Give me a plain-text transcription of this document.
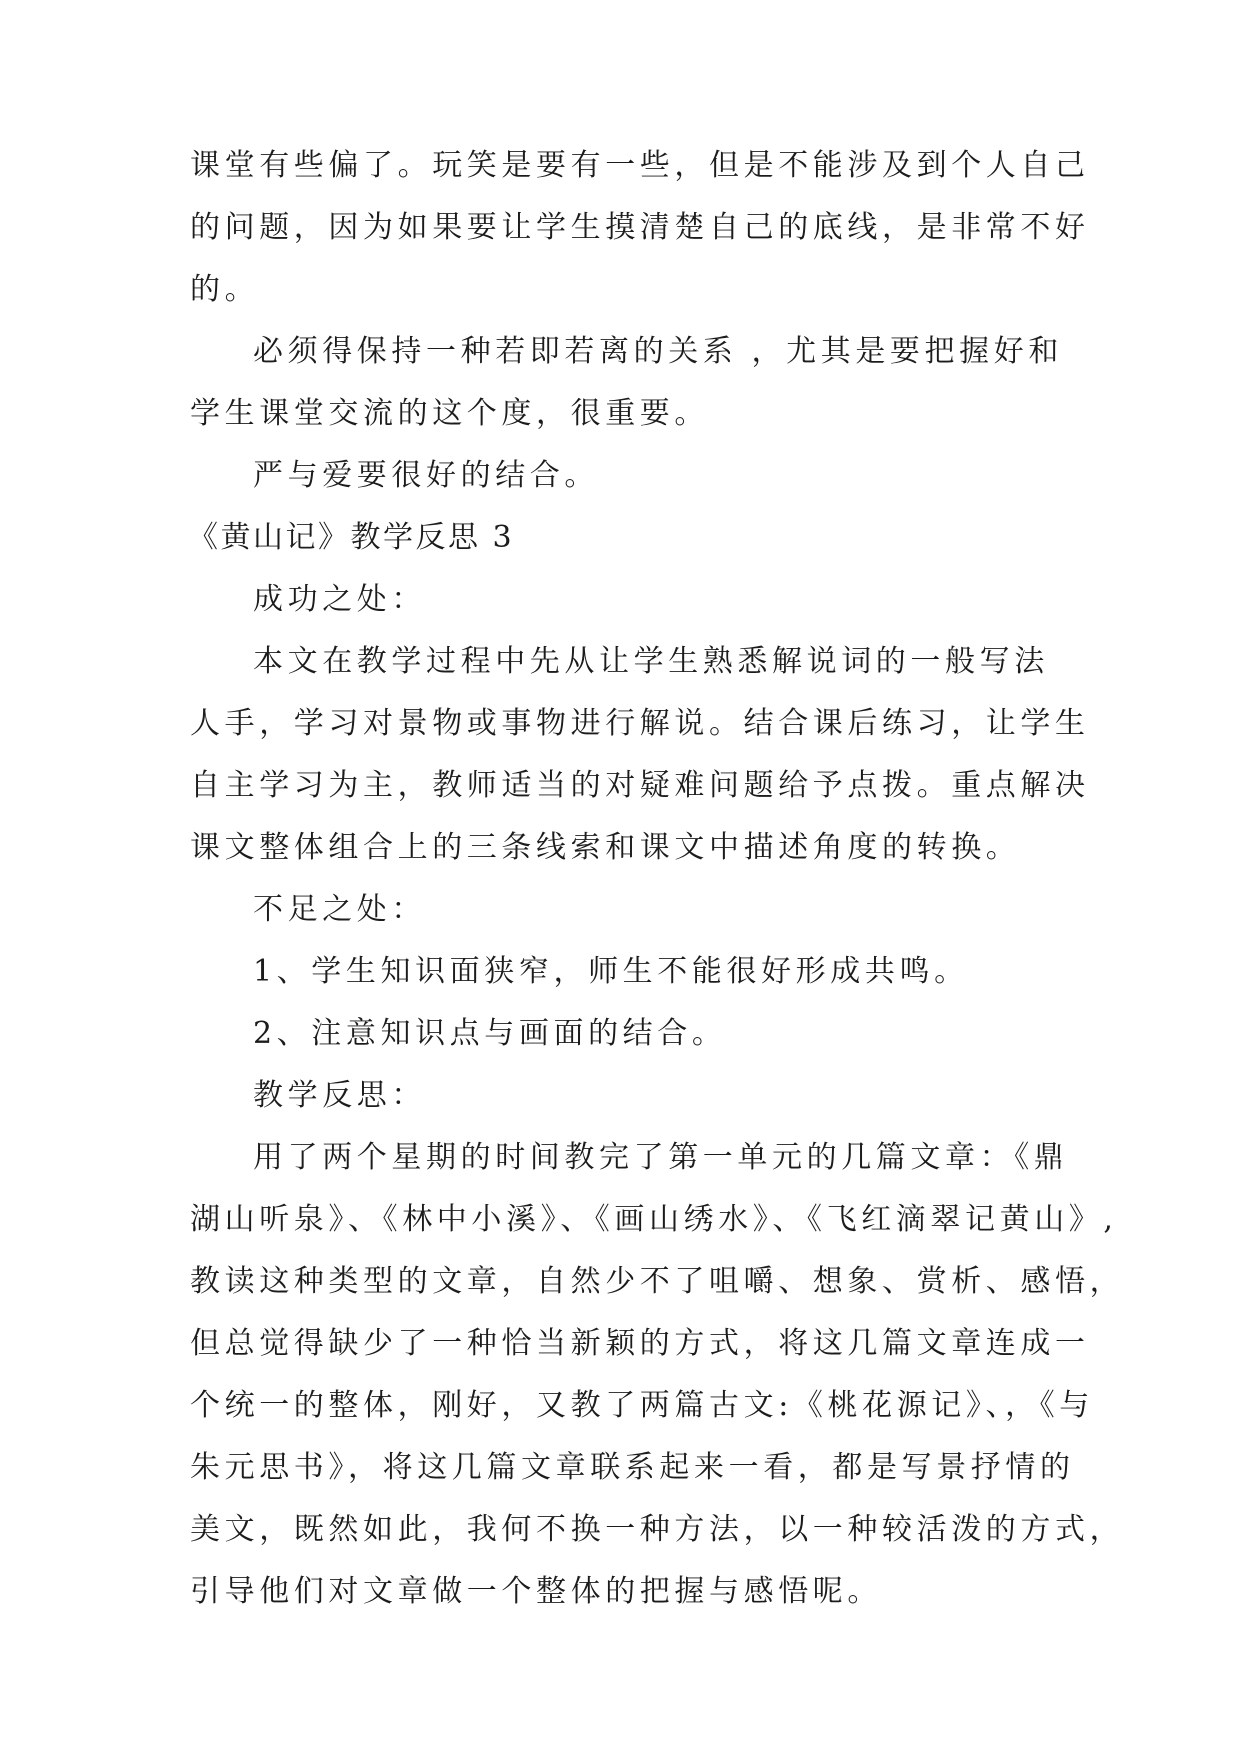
课堂有些偏了。玩笑是要有一些，但是不能涉及到个人自己
的问题，因为如果要让学生摸清楚自己的底线，是非常不好
的。
必须得保持一种若即若离的关系 ，尤其是要把握好和
学生课堂交流的这个度，很重要。
严与爱要很好的结合。
《黄山记》教学反思 3
成功之处：
本文在教学过程中先从让学生熟悉解说词的一般写法
人手，学习对景物或事物进行解说。结合课后练习，让学生
自主学习为主，教师适当的对疑难问题给予点拨。重点解决
课文整体组合上的三条线索和课文中描述角度的转换。
不足之处：
1、学生知识面狭窄，师生不能很好形成共鸣。
2、注意知识点与画面的结合。
教学反思：
用了两个星期的时间教完了第一单元的几篇文章：《鼎
湖山听泉》、《林中小溪》、《画山绣水》、《飞红滴翠记黄山》,
教读这种类型的文章，自然少不了咀嚼、想象、赏析、感悟，
但总觉得缺少了一种恰当新颖的方式，将这几篇文章连成一
个统一的整体，刚好，又教了两篇古文:《桃花源记》、，《与
朱元思书》，将这几篇文章联系起来一看，都是写景抒情的
美文，既然如此，我何不换一种方法，以一种较活泼的方式，
引导他们对文章做一个整体的把握与感悟呢。
